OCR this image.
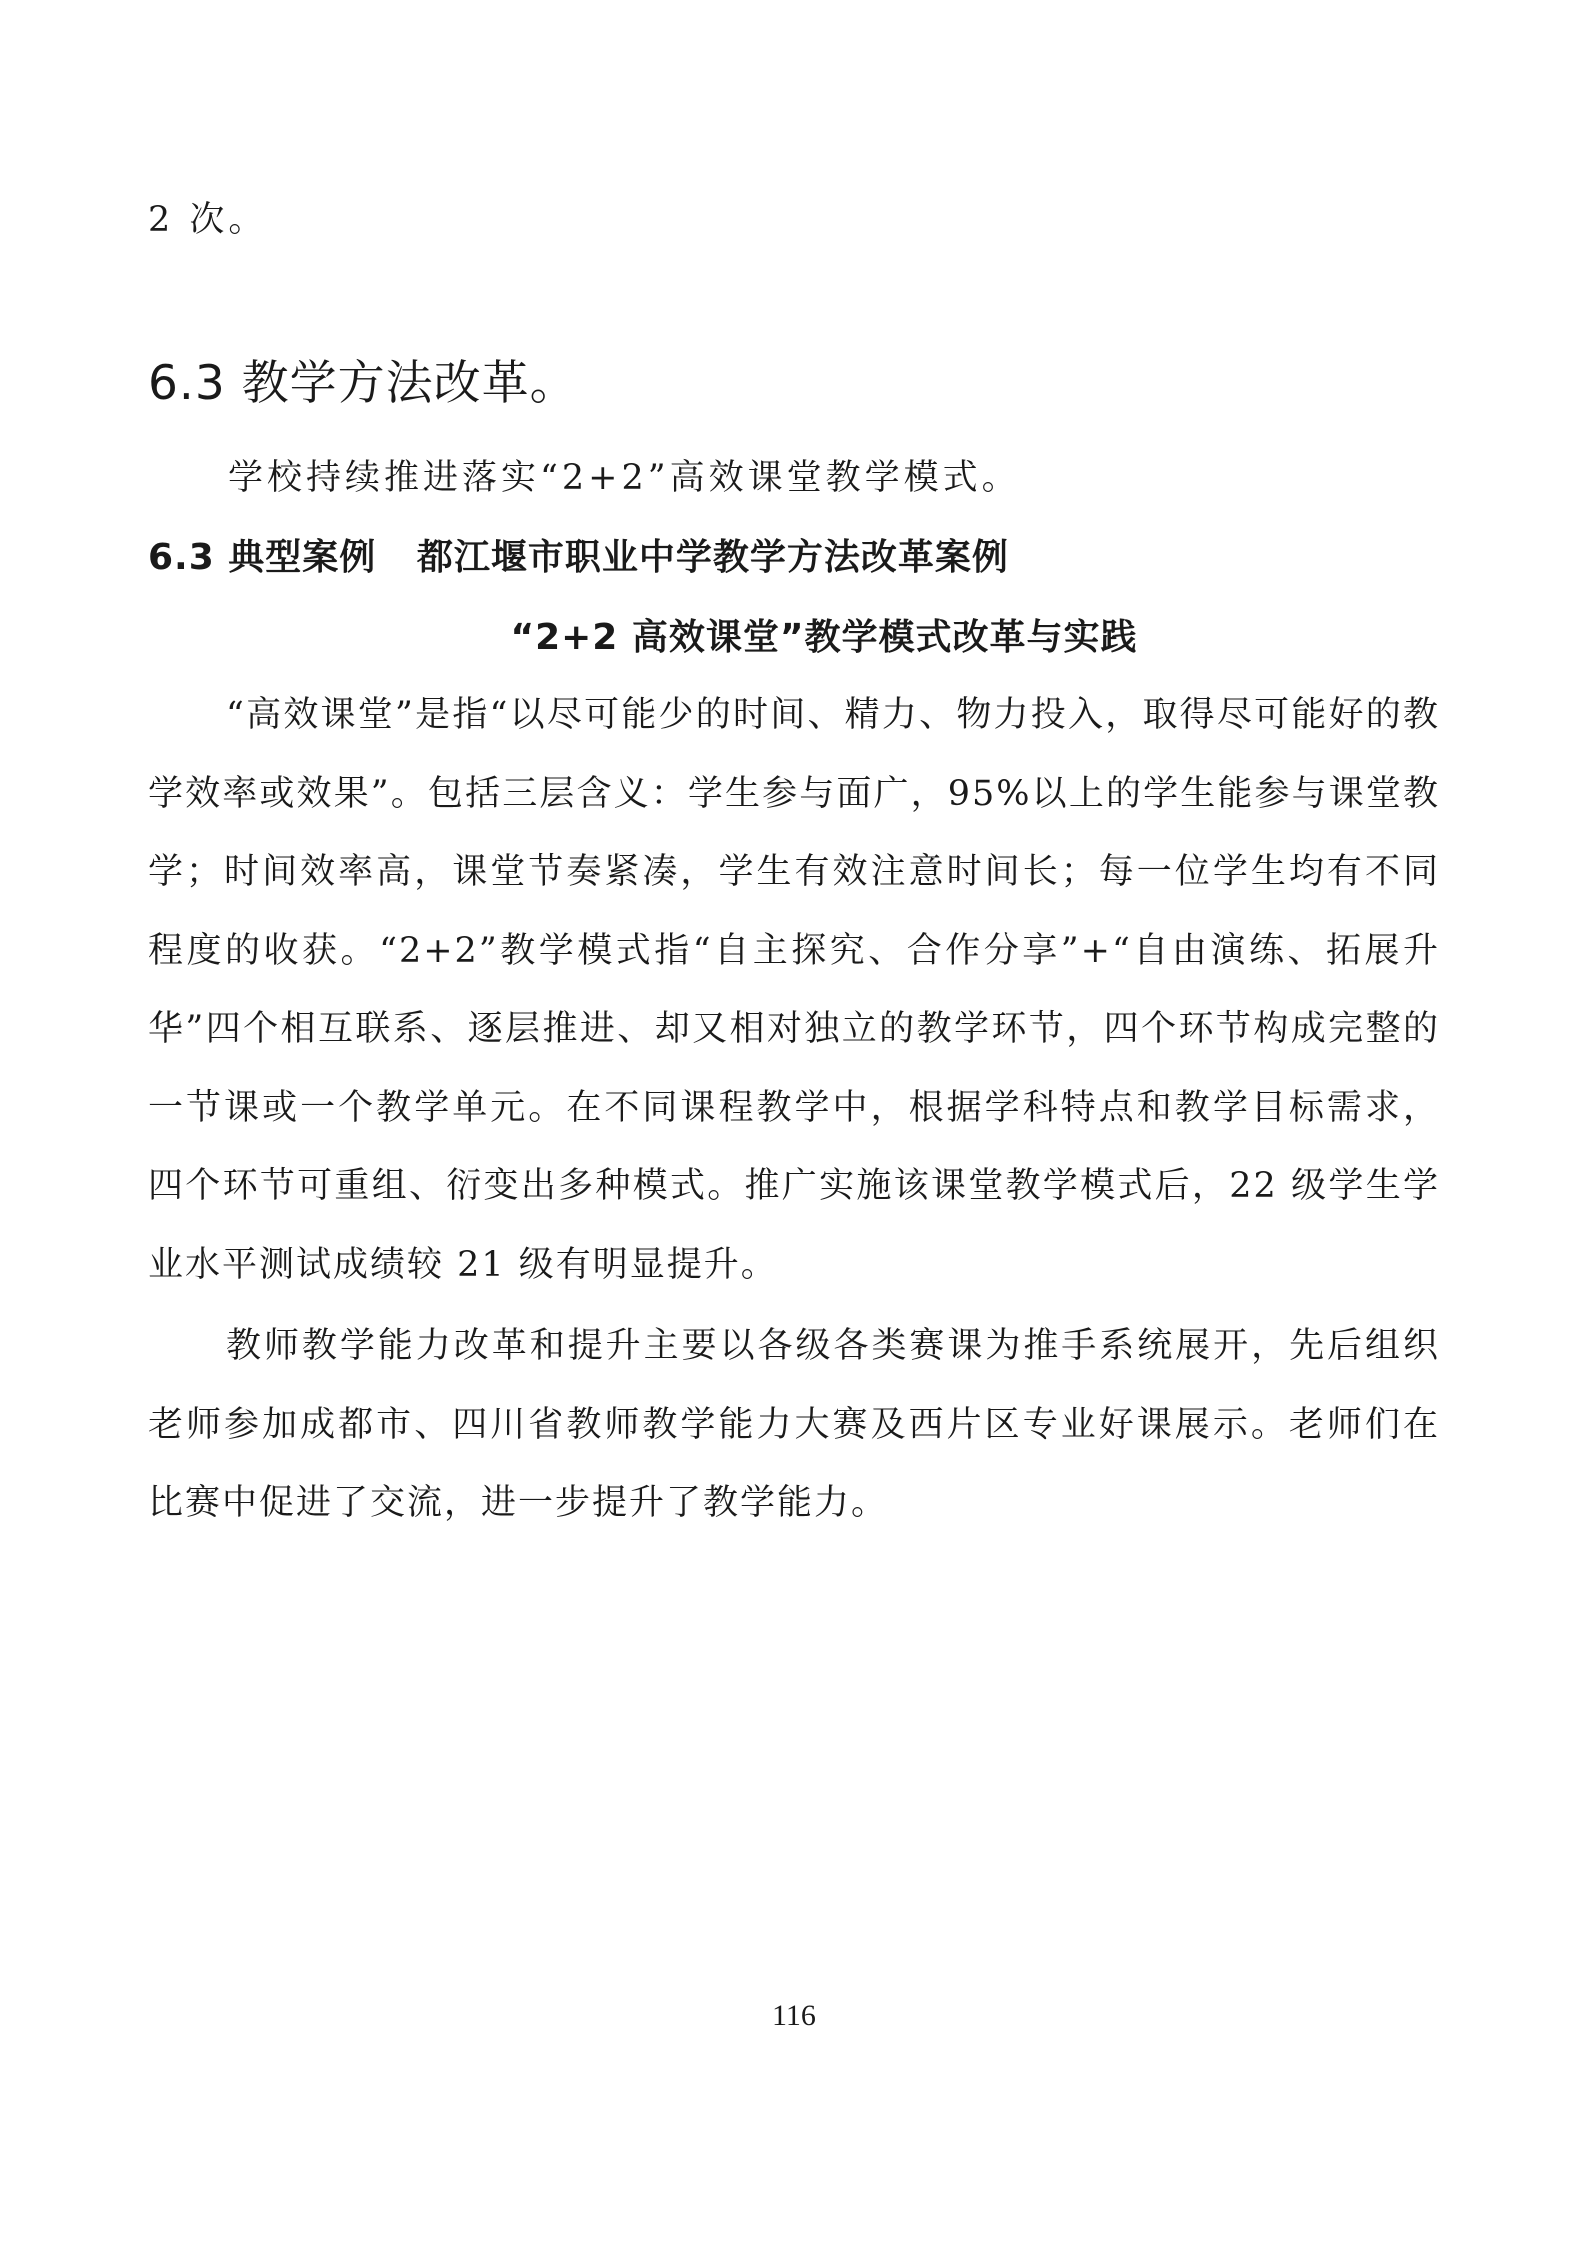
2 次。

6.3 教学方法改革。

学校持续推进落实“2+2”高效课堂教学模式。

6.3 典型案例   都江堰市职业中学教学方法改革案例

“2+2 高效课堂”教学模式改革与实践

“高效课堂”是指“以尽可能少的时间、精力、物力投入，取得尽可能好的教学效率或效果”。包括三层含义：学生参与面广，95%以上的学生能参与课堂教学；时间效率高，课堂节奏紧凑，学生有效注意时间长；每一位学生均有不同程度的收获。“2+2”教学模式指“自主探究、合作分享”+“自由演练、拓展升华”四个相互联系、逐层推进、却又相对独立的教学环节，四个环节构成完整的一节课或一个教学单元。在不同课程教学中，根据学科特点和教学目标需求，四个环节可重组、衍变出多种模式。推广实施该课堂教学模式后，22 级学生学业水平测试成绩较 21 级有明显提升。

教师教学能力改革和提升主要以各级各类赛课为推手系统展开，先后组织老师参加成都市、四川省教师教学能力大赛及西片区专业好课展示。老师们在比赛中促进了交流，进一步提升了教学能力。

116
